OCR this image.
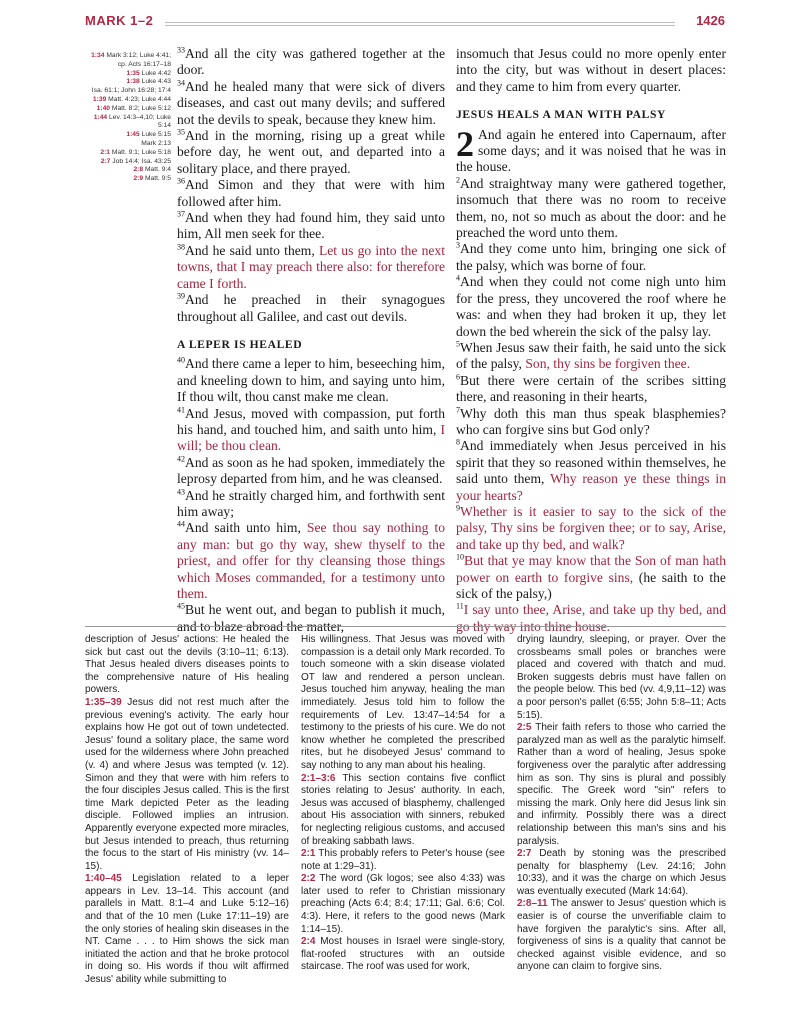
MARK 1–2	1426
1:34 Mark 3:12; Luke 4:41; cp. Acts 16:17–18
1:35 Luke 4:42
1:38 Luke 4:43
Isa. 61:1; John 16:28; 17:4
1:39 Matt. 4:23; Luke 4:44
1:40 Matt. 8:2; Luke 5:12
1:44 Lev. 14:3–4,10; Luke 5:14
1:45 Luke 5:15
Mark 2:13
2:1 Matt. 9:1; Luke 5:18
2:7 Job 14:4; Isa. 43:25
2:8 Matt. 9:4
2:9 Matt. 9:5

$^{33}$And all the city was gathered together at the door.

$^{34}$And he healed many that were sick of divers diseases, and cast out many devils; and suffered not the devils to speak, because they knew him.

$^{35}$And in the morning, rising up a great while before day, he went out, and departed into a solitary place, and there prayed.

$^{36}$And Simon and they that were with him followed after him.

$^{37}$And when they had found him, they said unto him, All men seek for thee.

$^{38}$And he said unto them, Let us go into the next towns, that I may preach there also: for therefore came I forth.

$^{39}$And he preached in their synagogues throughout all Galilee, and cast out devils.

A LEPER IS HEALED

$^{40}$And there came a leper to him, beseeching him, and kneeling down to him, and saying unto him, If thou wilt, thou canst make me clean.

$^{41}$And Jesus, moved with compassion, put forth his hand, and touched him, and saith unto him, I will; be thou clean.

$^{42}$And as soon as he had spoken, immediately the leprosy departed from him, and he was cleansed.

$^{43}$And he straitly charged him, and forthwith sent him away;

$^{44}$And saith unto him, See thou say nothing to any man: but go thy way, shew thyself to the priest, and offer for thy cleansing those things which Moses commanded, for a testimony unto them.

$^{45}$But he went out, and began to publish it much, and to blaze abroad the matter,

insomuch that Jesus could no more openly enter into the city, but was without in desert places: and they came to him from every quarter.

JESUS HEALS A MAN WITH PALSY

2 And again he entered into Capernaum, after some days; and it was noised that he was in the house.

$^2$And straightway many were gathered together, insomuch that there was no room to receive them, no, not so much as about the door: and he preached the word unto them.

$^3$And they come unto him, bringing one sick of the palsy, which was borne of four.

$^4$And when they could not come nigh unto him for the press, they uncovered the roof where he was: and when they had broken it up, they let down the bed wherein the sick of the palsy lay.

$^5$When Jesus saw their faith, he said unto the sick of the palsy, Son, thy sins be forgiven thee.

$^6$But there were certain of the scribes sitting there, and reasoning in their hearts,

$^7$Why doth this man thus speak blasphemies? who can forgive sins but God only?

$^8$And immediately when Jesus perceived in his spirit that they so reasoned within themselves, he said unto them, Why reason ye these things in your hearts?

$^9$Whether is it easier to say to the sick of the palsy, Thy sins be forgiven thee; or to say, Arise, and take up thy bed, and walk?

$^{10}$But that ye may know that the Son of man hath power on earth to forgive sins, (he saith to the sick of the palsy,)

$^{11}$I say unto thee, Arise, and take up thy bed, and go thy way into thine house.

description of Jesus' actions: He healed the sick but cast out the devils (3:10–11; 6:13). That Jesus healed divers diseases points to the comprehensive nature of His healing powers.

1:35–39 Jesus did not rest much after the previous evening's activity. The early hour explains how He got out of town undetected. Jesus' found a solitary place, the same word used for the wilderness where John preached (v. 4) and where Jesus was tempted (v. 12). Simon and they that were with him refers to the four disciples Jesus called. This is the first time Mark depicted Peter as the leading disciple. Followed implies an intrusion. Apparently everyone expected more miracles, but Jesus intended to preach, thus returning the focus to the start of His ministry (vv. 14–15).

1:40–45 Legislation related to a leper appears in Lev. 13–14. This account (and parallels in Matt. 8:1–4 and Luke 5:12–16) and that of the 10 men (Luke 17:11–19) are the only stories of healing skin diseases in the NT. Came . . . to Him shows the sick man initiated the action and that he broke protocol in doing so. His words if thou wilt affirmed Jesus' ability while submitting to

His willingness. That Jesus was moved with compassion is a detail only Mark recorded. To touch someone with a skin disease violated OT law and rendered a person unclean. Jesus touched him anyway, healing the man immediately. Jesus told him to follow the requirements of Lev. 13:47–14:54 for a testimony to the priests of his cure. We do not know whether he completed the prescribed rites, but he disobeyed Jesus' command to say nothing to any man about his healing.

2:1–3:6 This section contains five conflict stories relating to Jesus' authority. In each, Jesus was accused of blasphemy, challenged about His association with sinners, rebuked for neglecting religious customs, and accused of breaking sabbath laws.

2:1 This probably refers to Peter's house (see note at 1:29–31).

2:2 The word (Gk logos; see also 4:33) was later used to refer to Christian missionary preaching (Acts 6:4; 8:4; 17:11; Gal. 6:6; Col. 4:3). Here, it refers to the good news (Mark 1:14–15).

2:4 Most houses in Israel were single-story, flat-roofed structures with an outside staircase. The roof was used for work,

drying laundry, sleeping, or prayer. Over the crossbeams small poles or branches were placed and covered with thatch and mud. Broken suggests debris must have fallen on the people below. This bed (vv. 4,9,11–12) was a poor person's pallet (6:55; John 5:8–11; Acts 5:15).

2:5 Their faith refers to those who carried the paralyzed man as well as the paralytic himself. Rather than a word of healing, Jesus spoke forgiveness over the paralytic after addressing him as son. Thy sins is plural and possibly specific. The Greek word "sin" refers to missing the mark. Only here did Jesus link sin and infirmity. Possibly there was a direct relationship between this man's sins and his paralysis.

2:7 Death by stoning was the prescribed penalty for blasphemy (Lev. 24:16; John 10:33), and it was the charge on which Jesus was eventually executed (Mark 14:64).

2:8–11 The answer to Jesus' question which is easier is of course the unverifiable claim to have forgiven the paralytic's sins. After all, forgiveness of sins is a quality that cannot be checked against visible evidence, and so anyone can claim to forgive sins.
